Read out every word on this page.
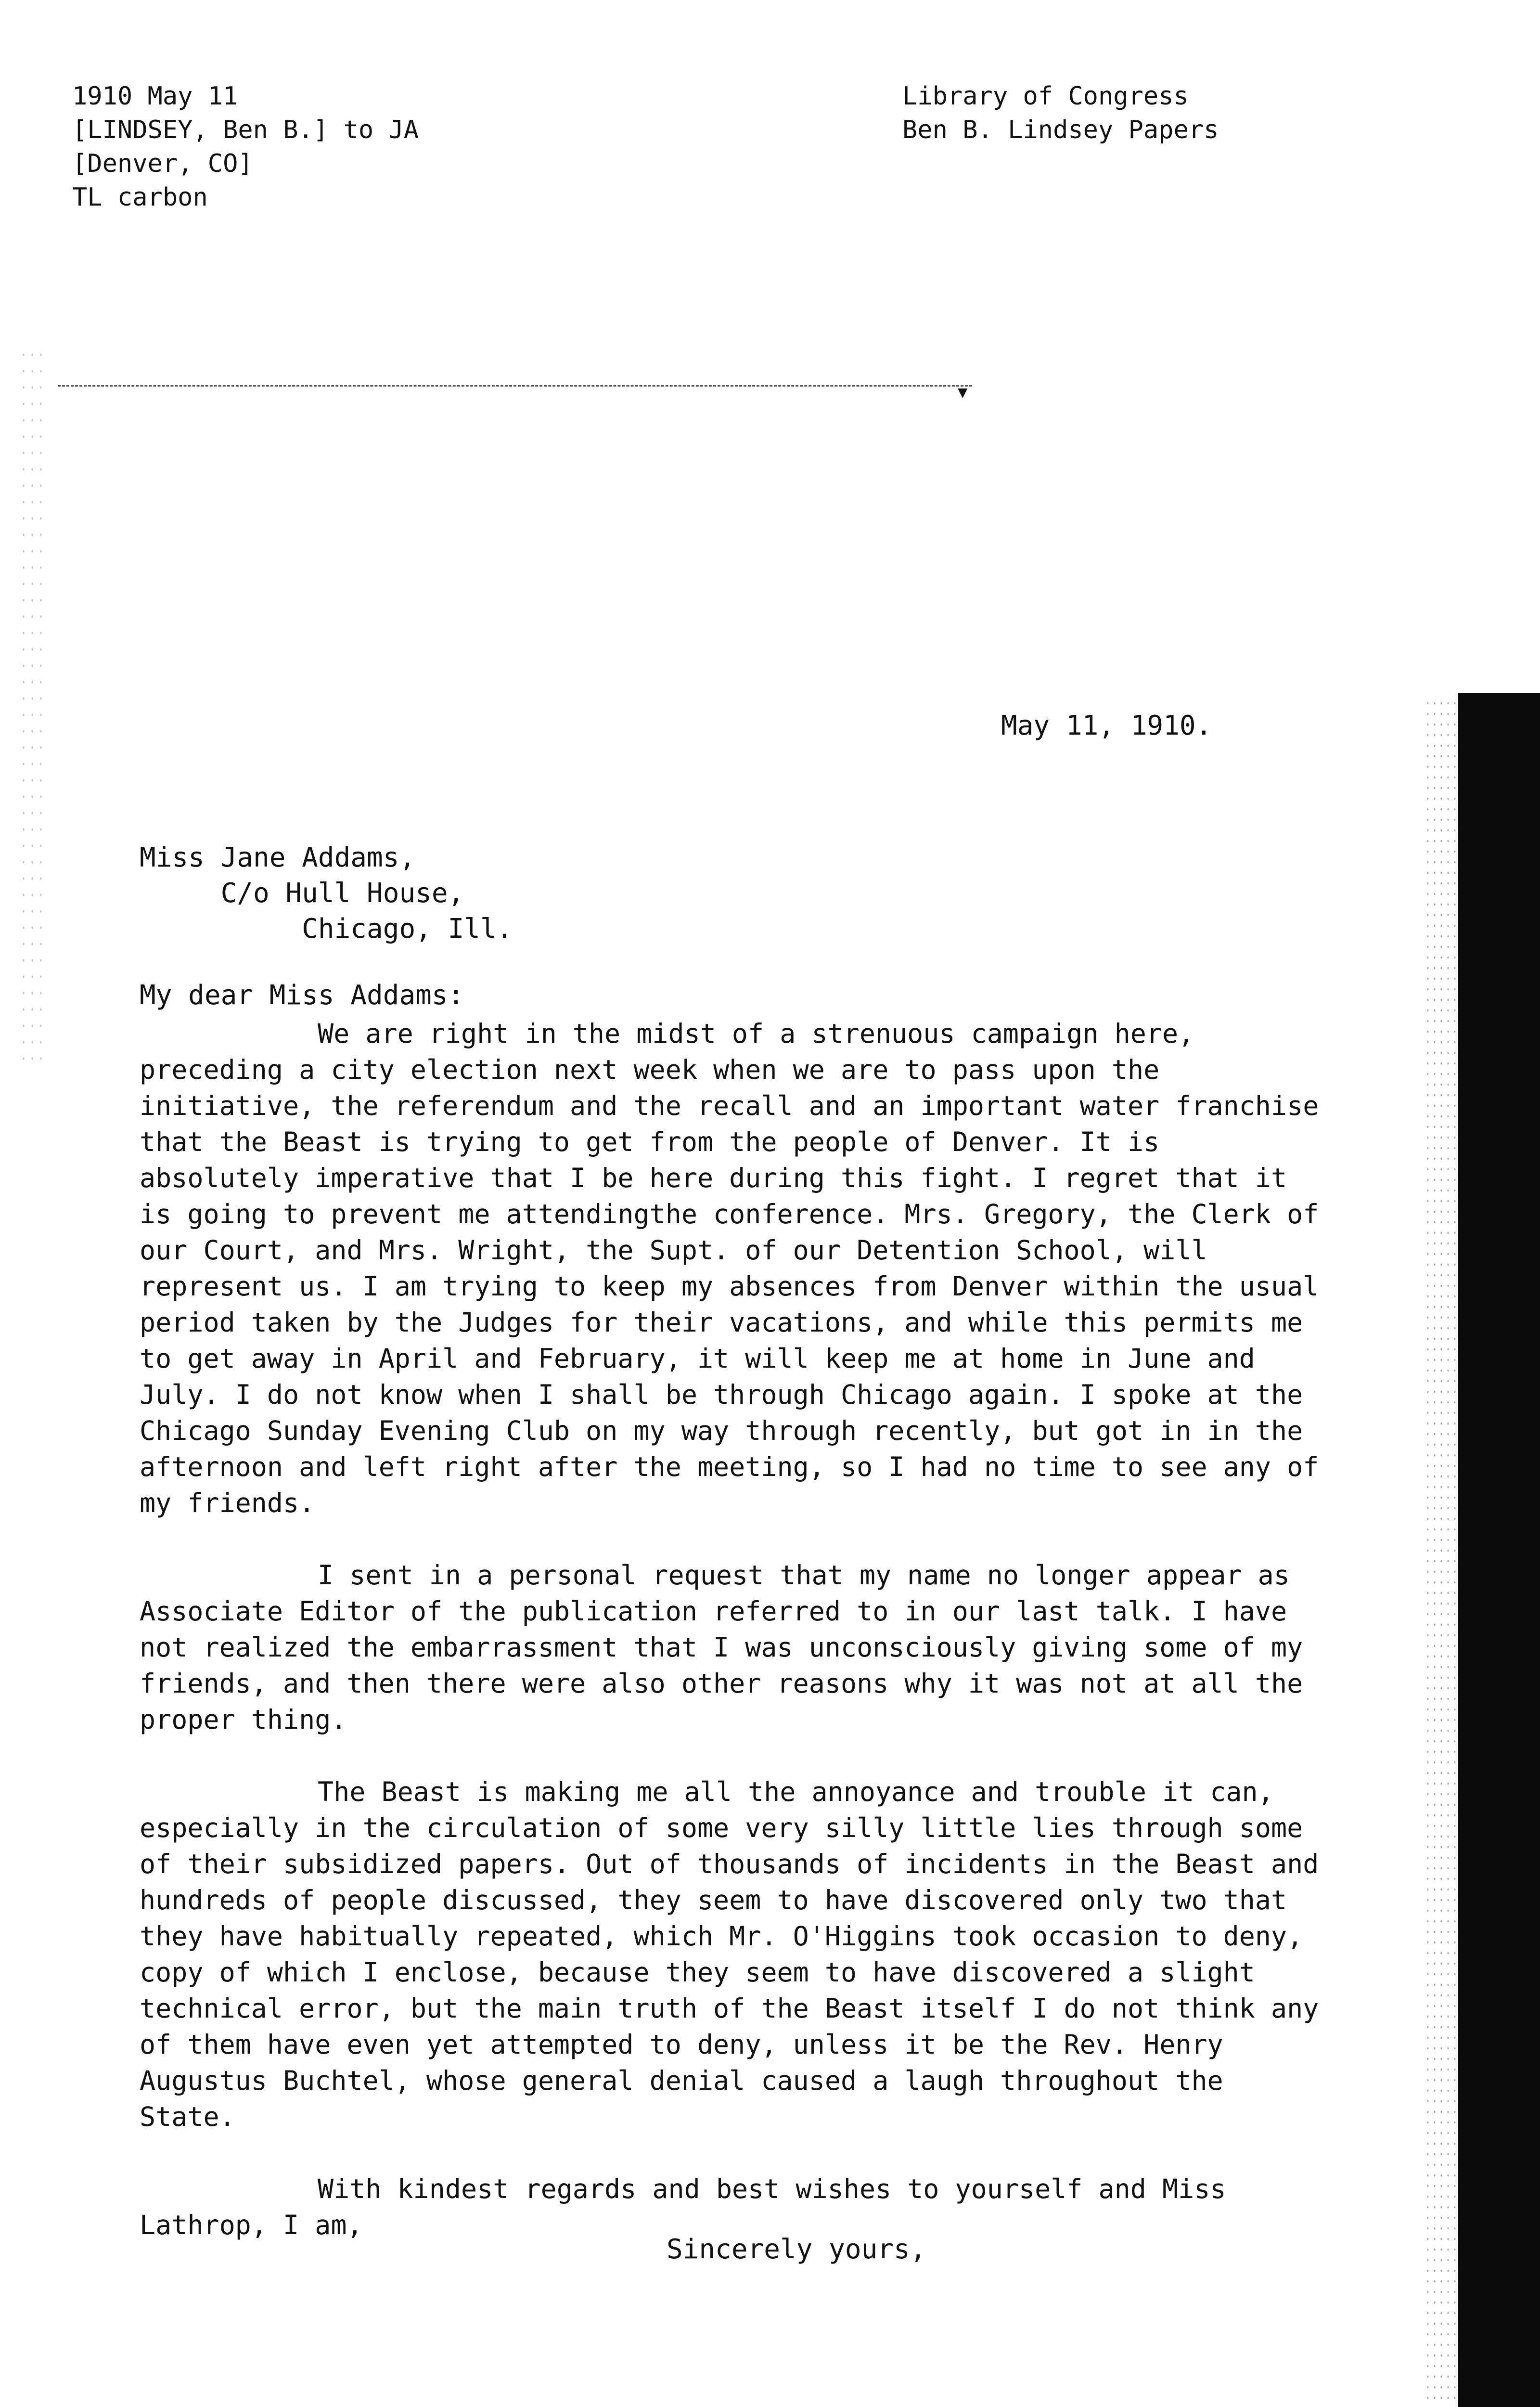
1910 May 11
[LINDSEY, Ben B.] to JA
[Denver, CO]
TL carbon
Library of Congress
Ben B. Lindsey Papers
▼
May 11, 1910.
Miss Jane Addams,
C/o Hull House,
Chicago, Ill.
My dear Miss Addams:

We are right in the midst of a strenuous campaign here, preceding a city election next week when we are to pass upon the initiative, the referendum and the recall and an important water franchise that the Beast is trying to get from the people of Denver. It is absolutely imperative that I be here during this fight. I regret that it is going to prevent me attendingthe conference. Mrs. Gregory, the Clerk of our Court, and Mrs. Wright, the Supt. of our Detention School, will represent us. I am trying to keep my absences from Denver within the usual period taken by the Judges for their vacations, and while this permits me to get away in April and February, it will keep me at home in June and July. I do not know when I shall be through Chicago again. I spoke at the Chicago Sunday Evening Club on my way through recently, but got in in the afternoon and left right after the meeting, so I had no time to see any of my friends.

I sent in a personal request that my name no longer appear as Associate Editor of the publication referred to in our last talk. I have not realized the embarrassment that I was unconsciously giving some of my friends, and then there were also other reasons why it was not at all the proper thing.

The Beast is making me all the annoyance and trouble it can, especially in the circulation of some very silly little lies through some of their subsidized papers. Out of thousands of incidents in the Beast and hundreds of people discussed, they seem to have discovered only two that they have habitually repeated, which Mr. O'Higgins took occasion to deny, copy of which I enclose, because they seem to have discovered a slight technical error, but the main truth of the Beast itself I do not think any of them have even yet attempted to deny, unless it be the Rev. Henry Augustus Buchtel, whose general denial caused a laugh throughout the State.

With kindest regards and best wishes to yourself and Miss Lathrop, I am,

Sincerely yours,
